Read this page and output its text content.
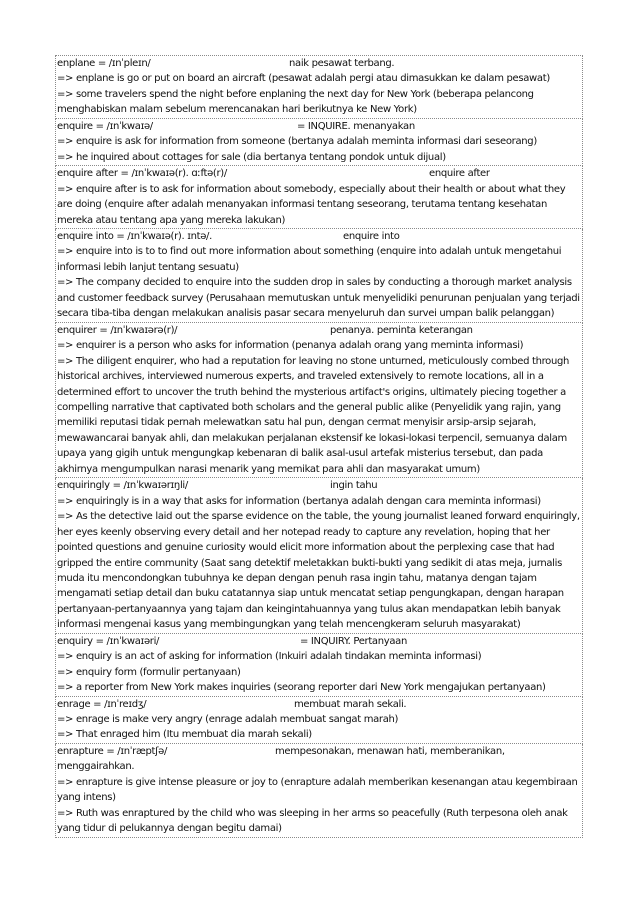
enplane = /ɪnˈpleɪn/	naik pesawat terbang.
=> enplane is go or put on board an aircraft (pesawat adalah pergi atau dimasukkan ke dalam pesawat)
=> some travelers spend the night before enplaning the next day for New York (beberapa pelancong menghabiskan malam sebelum merencanakan hari berikutnya ke New York)
enquire = /ɪnˈkwaɪə/	= INQUIRE. menanyakan
=> enquire is ask for information from someone (bertanya adalah meminta informasi dari seseorang)
=> he inquired about cottages for sale (dia bertanya tentang pondok untuk dijual)
enquire after = /ɪnˈkwaɪə(r). ɑːftə(r)/	enquire after
=> enquire after is to ask for information about somebody, especially about their health or about what they are doing (enquire after adalah menanyakan informasi tentang seseorang, terutama tentang kesehatan mereka atau tentang apa yang mereka lakukan)
enquire into = /ɪnˈkwaɪə(r). ɪntə/.	enquire into
=> enquire into is to to find out more information about something (enquire into adalah untuk mengetahui informasi lebih lanjut tentang sesuatu)
=> The company decided to enquire into the sudden drop in sales by conducting a thorough market analysis and customer feedback survey (Perusahaan memutuskan untuk menyelidiki penurunan penjualan yang terjadi secara tiba-tiba dengan melakukan analisis pasar secara menyeluruh dan survei umpan balik pelanggan)
enquirer = /ɪnˈkwaɪərə(r)/	penanya. peminta keterangan
=> enquirer is a person who asks for information (penanya adalah orang yang meminta informasi)
=> The diligent enquirer, who had a reputation for leaving no stone unturned, meticulously combed through historical archives, interviewed numerous experts, and traveled extensively to remote locations, all in a determined effort to uncover the truth behind the mysterious artifact's origins, ultimately piecing together a compelling narrative that captivated both scholars and the general public alike (Penyelidik yang rajin, yang memiliki reputasi tidak pernah melewatkan satu hal pun, dengan cermat menyisir arsip-arsip sejarah, mewawancarai banyak ahli, dan melakukan perjalanan ekstensif ke lokasi-lokasi terpencil, semuanya dalam upaya yang gigih untuk mengungkap kebenaran di balik asal-usul artefak misterius tersebut, dan pada akhirnya mengumpulkan narasi menarik yang memikat para ahli dan masyarakat umum)
enquiringly = /ɪnˈkwaɪərɪŋli/	ingin tahu
=> enquiringly is in a way that asks for information (bertanya adalah dengan cara meminta informasi)
=> As the detective laid out the sparse evidence on the table, the young journalist leaned forward enquiringly, her eyes keenly observing every detail and her notepad ready to capture any revelation, hoping that her pointed questions and genuine curiosity would elicit more information about the perplexing case that had gripped the entire community (Saat sang detektif meletakkan bukti-bukti yang sedikit di atas meja, jurnalis muda itu mencondongkan tubuhnya ke depan dengan penuh rasa ingin tahu, matanya dengan tajam mengamati setiap detail dan buku catatannya siap untuk mencatat setiap pengungkapan, dengan harapan pertanyaan-pertanyaannya yang tajam dan keingintahuannya yang tulus akan mendapatkan lebih banyak informasi mengenai kasus yang membingungkan yang telah mencengkeram seluruh masyarakat)
enquiry = /ɪnˈkwaɪəri/	= INQUIRY. Pertanyaan
=> enquiry is an act of asking for information (Inkuiri adalah tindakan meminta informasi)
=> enquiry form (formulir pertanyaan)
=> a reporter from New York makes inquiries (seorang reporter dari New York mengajukan pertanyaan)
enrage = /ɪnˈreɪdʒ/	membuat marah sekali.
=> enrage is make very angry (enrage adalah membuat sangat marah)
=> That enraged him (Itu membuat dia marah sekali)
enrapture = /ɪnˈræptʃə/	mempesonakan, menawan hati, memberanikan,
menggairahkan.
=> enrapture is give intense pleasure or joy to (enrapture adalah memberikan kesenangan atau kegembiraan yang intens)
=> Ruth was enraptured by the child who was sleeping in her arms so peacefully (Ruth terpesona oleh anak yang tidur di pelukannya dengan begitu damai)
